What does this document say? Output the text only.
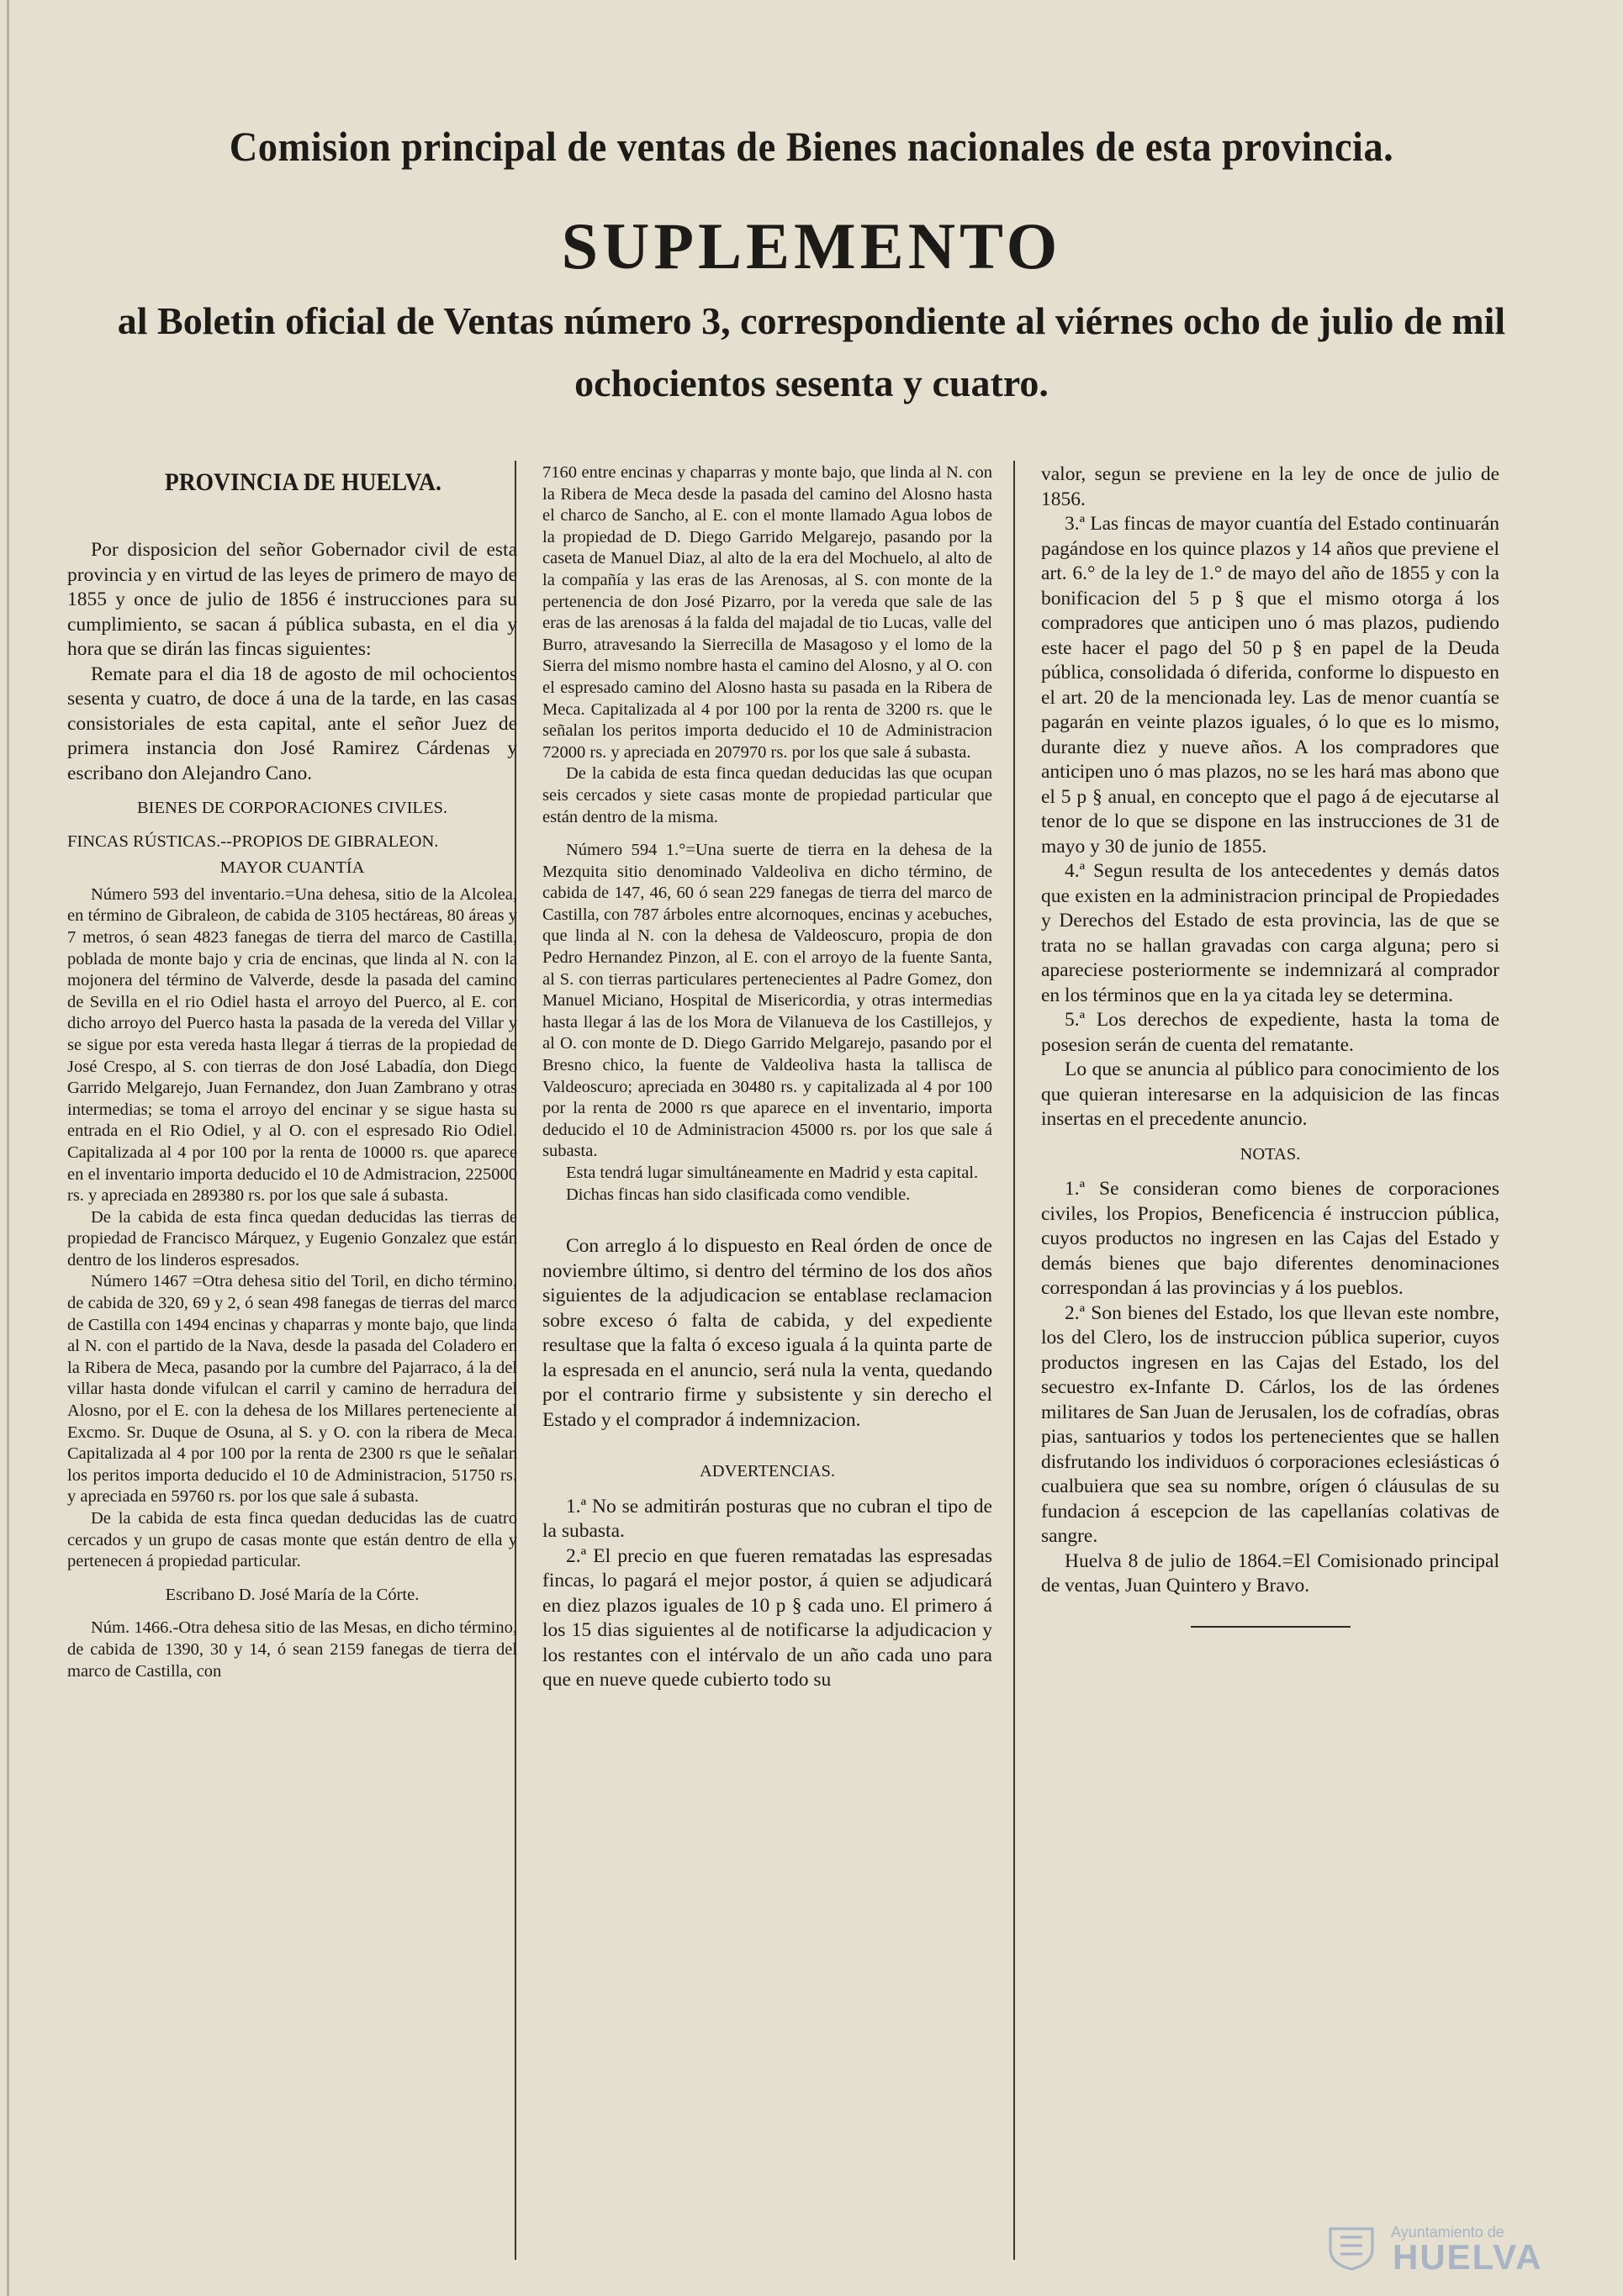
Comision principal de ventas de Bienes nacionales de esta provincia.
SUPLEMENTO
al Boletin oficial de Ventas número 3, correspondiente al viérnes ocho de julio de mil ochocientos sesenta y cuatro.

PROVINCIA DE HUELVA.

Por disposicion del señor Gobernador civil de esta provincia y en virtud de las leyes de primero de mayo de 1855 y once de julio de 1856 é instrucciones para su cumplimiento, se sacan á pública subasta, en el dia y hora que se dirán las fincas siguientes:

Remate para el dia 18 de agosto de mil ochocientos sesenta y cuatro, de doce á una de la tarde, en las casas consistoriales de esta capital, ante el señor Juez de primera instancia don José Ramirez Cárdenas y escribano don Alejandro Cano.

BIENES DE CORPORACIONES CIVILES.

FINCAS RÚSTICAS.--PROPIOS DE GIBRALEON.

MAYOR CUANTÍA

Número 593 del inventario.=Una dehesa, sitio de la Alcolea, en término de Gibraleon, de cabida de 3105 hectáreas, 80 áreas y 7 metros, ó sean 4823 fanegas de tierra del marco de Castilla, poblada de monte bajo y cria de encinas, que linda al N. con la mojonera del término de Valverde, desde la pasada del camino de Sevilla en el rio Odiel hasta el arroyo del Puerco, al E. con dicho arroyo del Puerco hasta la pasada de la vereda del Villar y se sigue por esta vereda hasta llegar á tierras de la propiedad de José Crespo, al S. con tierras de don José Labadía, don Diego Garrido Melgarejo, Juan Fernandez, don Juan Zambrano y otras intermedias; se toma el arroyo del encinar y se sigue hasta su entrada en el Rio Odiel, y al O. con el espresado Rio Odiel. Capitalizada al 4 por 100 por la renta de 10000 rs. que aparece en el inventario importa deducido el 10 de Admistracion, 225000 rs. y apreciada en 289380 rs. por los que sale á subasta.

De la cabida de esta finca quedan deducidas las tierras de propiedad de Francisco Márquez, y Eugenio Gonzalez que están dentro de los linderos espresados.

Número 1467 =Otra dehesa sitio del Toril, en dicho término, de cabida de 320, 69 y 2, ó sean 498 fanegas de tierras del marco de Castilla con 1494 encinas y chaparras y monte bajo, que linda al N. con el partido de la Nava, desde la pasada del Coladero en la Ribera de Meca, pasando por la cumbre del Pajarraco, á la del villar hasta donde vifulcan el carril y camino de herradura del Alosno, por el E. con la dehesa de los Millares perteneciente al Excmo. Sr. Duque de Osuna, al S. y O. con la ribera de Meca. Capitalizada al 4 por 100 por la renta de 2300 rs que le señalan los peritos importa deducido el 10 de Administracion, 51750 rs. y apreciada en 59760 rs. por los que sale á subasta.

De la cabida de esta finca quedan deducidas las de cuatro cercados y un grupo de casas monte que están dentro de ella y pertenecen á propiedad particular.

Escribano D. José María de la Córte.

Núm. 1466.-Otra dehesa sitio de las Mesas, en dicho término, de cabida de 1390, 30 y 14, ó sean 2159 fanegas de tierra del marco de Castilla, con

7160 entre encinas y chaparras y monte bajo, que linda al N. con la Ribera de Meca desde la pasada del camino del Alosno hasta el charco de Sancho, al E. con el monte llamado Agua lobos de la propiedad de D. Diego Garrido Melgarejo, pasando por la caseta de Manuel Diaz, al alto de la era del Mochuelo, al alto de la compañía y las eras de las Arenosas, al S. con monte de la pertenencia de don José Pizarro, por la vereda que sale de las eras de las arenosas á la falda del majadal de tio Lucas, valle del Burro, atravesando la Sierrecilla de Masagoso y el lomo de la Sierra del mismo nombre hasta el camino del Alosno, y al O. con el espresado camino del Alosno hasta su pasada en la Ribera de Meca. Capitalizada al 4 por 100 por la renta de 3200 rs. que le señalan los peritos importa deducido el 10 de Administracion 72000 rs. y apreciada en 207970 rs. por los que sale á subasta.

De la cabida de esta finca quedan deducidas las que ocupan seis cercados y siete casas monte de propiedad particular que están dentro de la misma.

Número 594 1.°=Una suerte de tierra en la dehesa de la Mezquita sitio denominado Valdeoliva en dicho término, de cabida de 147, 46, 60 ó sean 229 fanegas de tierra del marco de Castilla, con 787 árboles entre alcornoques, encinas y acebuches, que linda al N. con la dehesa de Valdeoscuro, propia de don Pedro Hernandez Pinzon, al E. con el arroyo de la fuente Santa, al S. con tierras particulares pertenecientes al Padre Gomez, don Manuel Miciano, Hospital de Misericordia, y otras intermedias hasta llegar á las de los Mora de Vilanueva de los Castillejos, y al O. con monte de D. Diego Garrido Melgarejo, pasando por el Bresno chico, la fuente de Valdeoliva hasta la tallisca de Valdeoscuro; apreciada en 30480 rs. y capitalizada al 4 por 100 por la renta de 2000 rs que aparece en el inventario, importa deducido el 10 de Administracion 45000 rs. por los que sale á subasta.

Esta tendrá lugar simultáneamente en Madrid y esta capital.

Dichas fincas han sido clasificada como vendible.

Con arreglo á lo dispuesto en Real órden de once de noviembre último, si dentro del término de los dos años siguientes de la adjudicacion se entablase reclamacion sobre exceso ó falta de cabida, y del expediente resultase que la falta ó exceso iguala á la quinta parte de la espresada en el anuncio, será nula la venta, quedando por el contrario firme y subsistente y sin derecho el Estado y el comprador á indemnizacion.

ADVERTENCIAS.

1.ª No se admitirán posturas que no cubran el tipo de la subasta.

2.ª El precio en que fueren rematadas las espresadas fincas, lo pagará el mejor postor, á quien se adjudicará en diez plazos iguales de 10 p § cada uno. El primero á los 15 dias siguientes al de notificarse la adjudicacion y los restantes con el intérvalo de un año cada uno para que en nueve quede cubierto todo su

valor, segun se previene en la ley de once de julio de 1856.

3.ª Las fincas de mayor cuantía del Estado continuarán pagándose en los quince plazos y 14 años que previene el art. 6.° de la ley de 1.° de mayo del año de 1855 y con la bonificacion del 5 p § que el mismo otorga á los compradores que anticipen uno ó mas plazos, pudiendo este hacer el pago del 50 p § en papel de la Deuda pública, consolidada ó diferida, conforme lo dispuesto en el art. 20 de la mencionada ley. Las de menor cuantía se pagarán en veinte plazos iguales, ó lo que es lo mismo, durante diez y nueve años. A los compradores que anticipen uno ó mas plazos, no se les hará mas abono que el 5 p § anual, en concepto que el pago á de ejecutarse al tenor de lo que se dispone en las instrucciones de 31 de mayo y 30 de junio de 1855.

4.ª Segun resulta de los antecedentes y demás datos que existen en la administracion principal de Propiedades y Derechos del Estado de esta provincia, las de que se trata no se hallan gravadas con carga alguna; pero si apareciese posteriormente se indemnizará al comprador en los términos que en la ya citada ley se determina.

5.ª Los derechos de expediente, hasta la toma de posesion serán de cuenta del rematante.

Lo que se anuncia al público para conocimiento de los que quieran interesarse en la adquisicion de las fincas insertas en el precedente anuncio.

NOTAS.

1.ª Se consideran como bienes de corporaciones civiles, los Propios, Beneficencia é instruccion pública, cuyos productos no ingresen en las Cajas del Estado y demás bienes que bajo diferentes denominaciones correspondan á las provincias y á los pueblos.

2.ª Son bienes del Estado, los que llevan este nombre, los del Clero, los de instruccion pública superior, cuyos productos ingresen en las Cajas del Estado, los del secuestro ex-Infante D. Cárlos, los de las órdenes militares de San Juan de Jerusalen, los de cofradías, obras pias, santuarios y todos los pertenecientes que se hallen disfrutando los individuos ó corporaciones eclesiásticas ó cualbuiera que sea su nombre, orígen ó cláusulas de su fundacion á escepcion de las capellanías colativas de sangre.

Huelva 8 de julio de 1864.=El Comisionado principal de ventas, Juan Quintero y Bravo.

Ayuntamiento de
HUELVA
